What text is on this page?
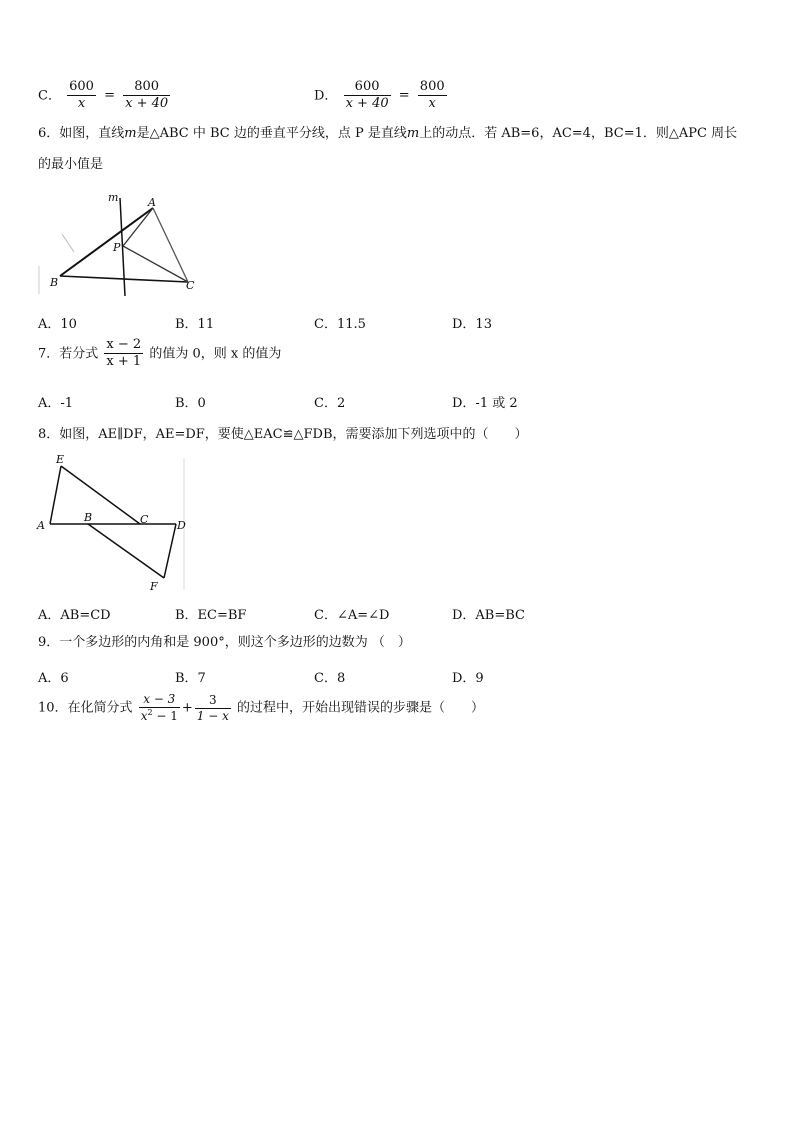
C． $\frac{600}{x} = \frac{800}{x + 40}$	D． $\frac{600}{x + 40} = \frac{800}{x}$
6．如图，直线m是△ABC 中 BC 边的垂直平分线，点 P 是直线m上的动点．若 AB=6，AC=4，BC=1．则△APC 周长
的最小值是
m	A
P
B	C
A．10	B．11	C．11.5	D．13
7．若分式 $\frac{x - 2}{x + 1}$ 的值为 0，则 x 的值为
A．-1	B．0	C．2	D．-1 或 2
8．如图，AE∥DF，AE=DF，要使△EAC≌△FDB，需要添加下列选项中的（　　）
E
A
B	C	D
F
A．AB=CD	B．EC=BF	C．∠A=∠D	D．AB=BC
9．一个多边形的内角和是 900°，则这个多边形的边数为 （　）
A．6	B．7	C．8	D．9
10．在化简分式 $\frac{x - 3}{x^2 - 1} + \frac{3}{1 - x}$ 的过程中，开始出现错误的步骤是（　　）
